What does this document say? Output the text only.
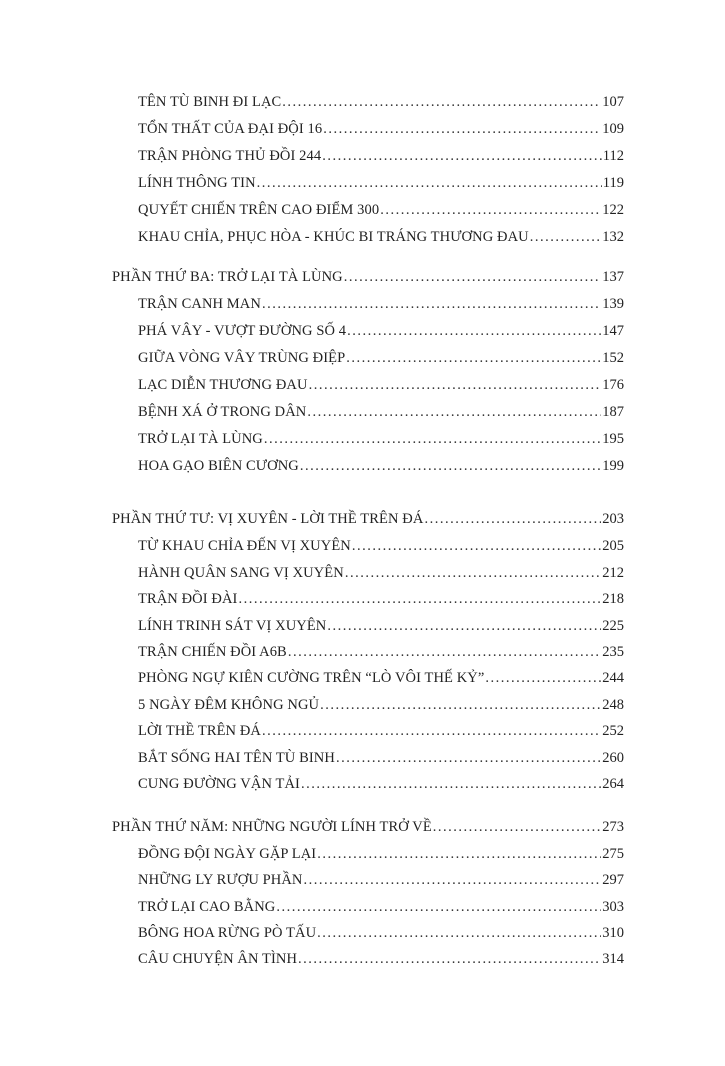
TÊN TÙ BINH ĐI LẠC .....	107
TỔN THẤT CỦA ĐẠI ĐỘI 16 .....	109
TRẬN PHÒNG THỦ ĐỒI 244 .....	112
LÍNH THÔNG TIN .....	119
QUYẾT CHIẾN TRÊN CAO ĐIỂM 300 .....	122
KHAU CHỈA, PHỤC HÒA - KHÚC BI TRÁNG THƯƠNG ĐAU .....	132
PHẦN THỨ BA: TRỞ LẠI TÀ LÙNG .....	137
TRẬN CANH MAN .....	139
PHÁ VÂY - VƯỢT ĐƯỜNG SỐ 4 .....	147
GIỮA VÒNG VÂY TRÙNG ĐIỆP .....	152
LẠC DIỄN THƯƠNG ĐAU .....	176
BỆNH XÁ Ở TRONG DÂN .....	187
TRỞ LẠI TÀ LÙNG .....	195
HOA GẠO BIÊN CƯƠNG .....	199
PHẦN THỨ TƯ: VỊ XUYÊN - LỜI THỀ TRÊN ĐÁ .....	203
TỪ KHAU CHỈA ĐẾN VỊ XUYÊN .....	205
HÀNH QUÂN SANG VỊ XUYÊN .....	212
TRẬN ĐỒI ĐÀI .....	218
LÍNH TRINH SÁT VỊ XUYÊN .....	225
TRẬN CHIẾN ĐỒI A6B .....	235
PHÒNG NGỰ KIÊN CƯỜNG TRÊN “LÒ VÔI THẾ KỶ” .....	244
5 NGÀY ĐÊM KHÔNG NGỦ .....	248
LỜI THỀ TRÊN ĐÁ .....	252
BẮT SỐNG HAI TÊN TÙ BINH .....	260
CUNG ĐƯỜNG VẬN TẢI .....	264
PHẦN THỨ NĂM: NHỮNG NGƯỜI LÍNH TRỞ VỀ .....	273
ĐỒNG ĐỘI NGÀY GẶP LẠI .....	275
NHỮNG LY RƯỢU PHẦN .....	297
TRỞ LẠI CAO BẰNG .....	303
BÔNG HOA RỪNG PÒ TẤU .....	310
CÂU CHUYỆN ÂN TÌNH .....	314
